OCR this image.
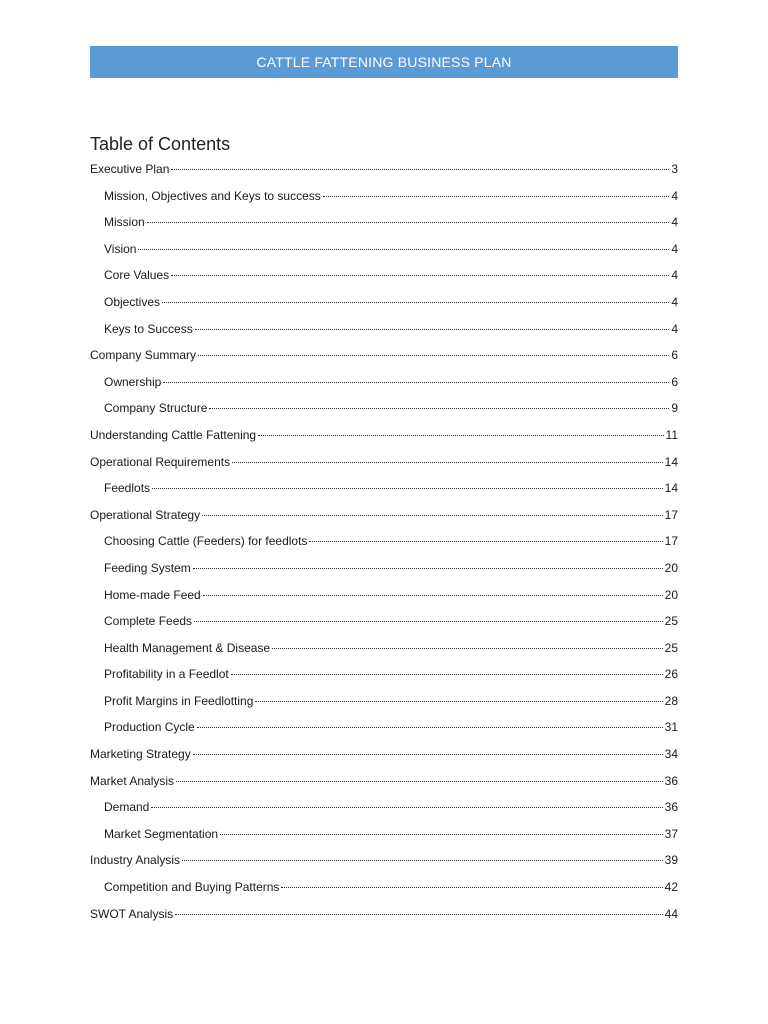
CATTLE FATTENING BUSINESS PLAN
Table of Contents
Executive Plan	3
Mission, Objectives and Keys to success	4
Mission	4
Vision	4
Core Values	4
Objectives	4
Keys to Success	4
Company Summary	6
Ownership	6
Company Structure	9
Understanding Cattle Fattening	11
Operational Requirements	14
Feedlots	14
Operational Strategy	17
Choosing Cattle (Feeders) for feedlots	17
Feeding System	20
Home-made Feed	20
Complete Feeds	25
Health Management & Disease	25
Profitability in a Feedlot	26
Profit Margins in Feedlotting	28
Production Cycle	31
Marketing Strategy	34
Market Analysis	36
Demand	36
Market Segmentation	37
Industry Analysis	39
Competition and Buying Patterns	42
SWOT Analysis	44
